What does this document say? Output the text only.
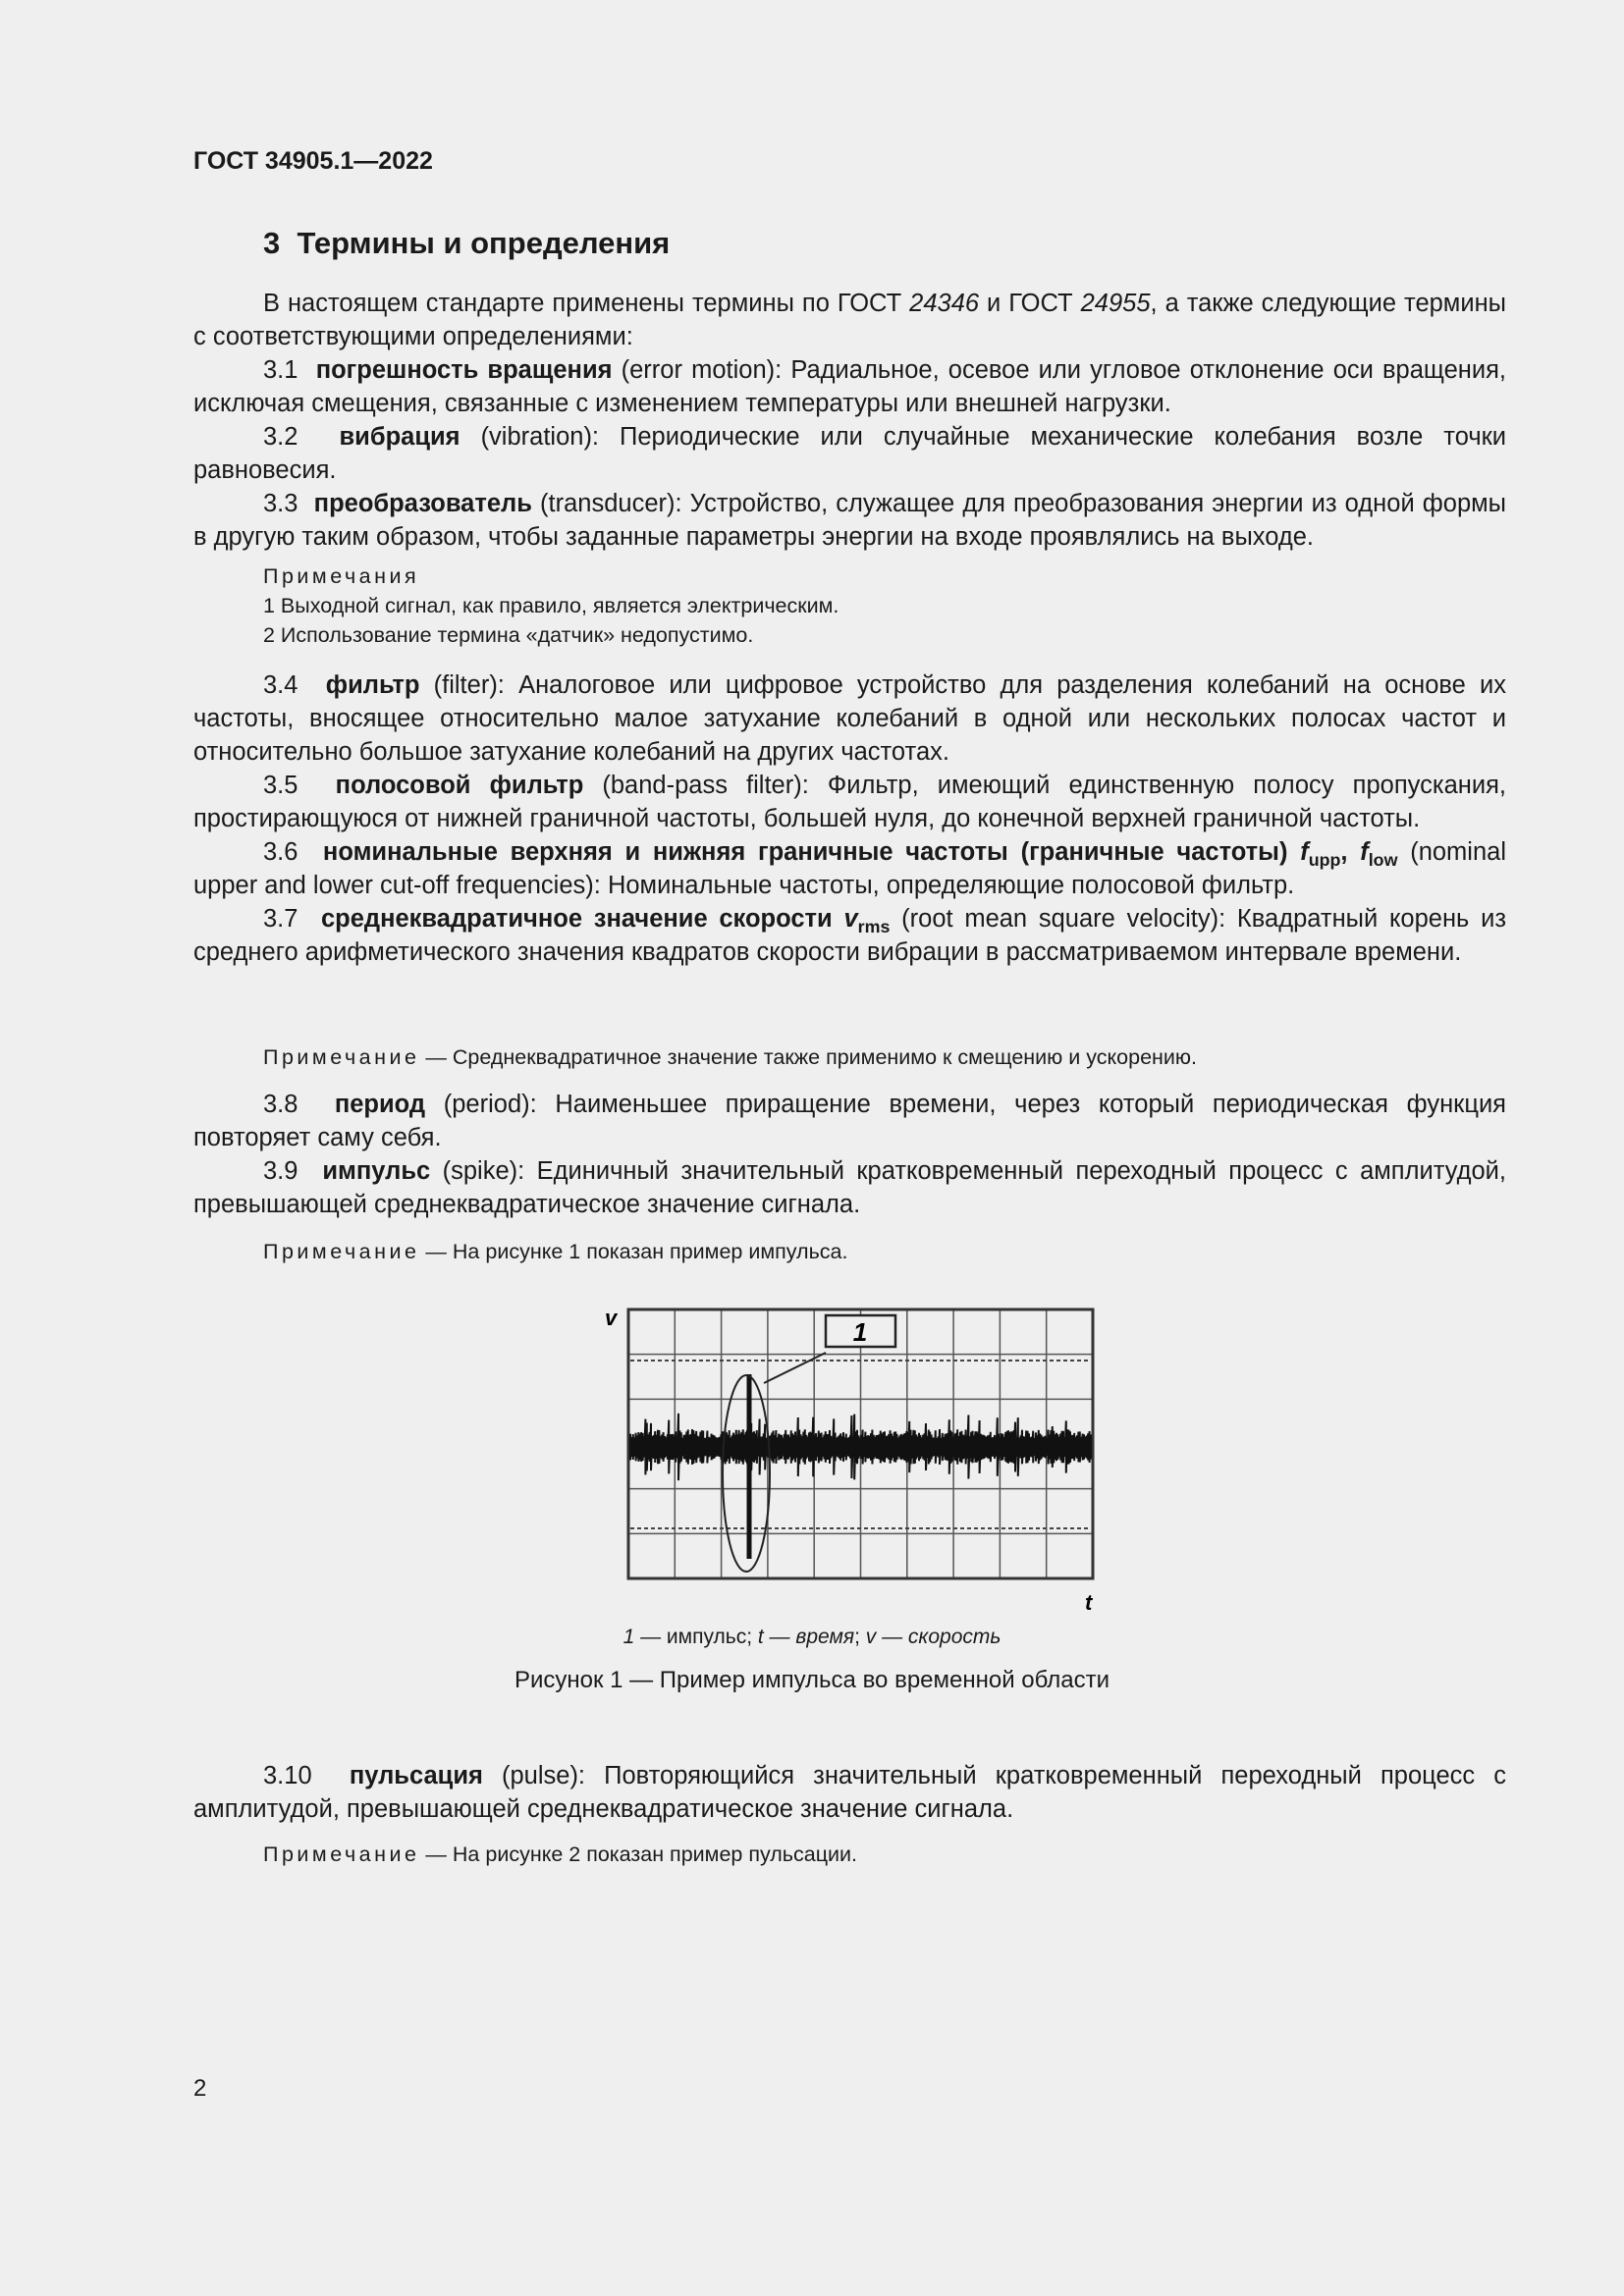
ГОСТ 34905.1—2022
3 Термины и определения

В настоящем стандарте применены термины по ГОСТ 24346 и ГОСТ 24955, а также следующие термины с соответствующими определениями:

3.1 погрешность вращения (error motion): Радиальное, осевое или угловое отклонение оси вращения, исключая смещения, связанные с изменением температуры или внешней нагрузки.

3.2 вибрация (vibration): Периодические или случайные механические колебания возле точки равновесия.

3.3 преобразователь (transducer): Устройство, служащее для преобразования энергии из одной формы в другую таким образом, чтобы заданные параметры энергии на входе проявлялись на выходе.

Примечания

1 Выходной сигнал, как правило, является электрическим.

2 Использование термина «датчик» недопустимо.

3.4 фильтр (filter): Аналоговое или цифровое устройство для разделения колебаний на основе их частоты, вносящее относительно малое затухание колебаний в одной или нескольких полосах частот и относительно большое затухание колебаний на других частотах.

3.5 полосовой фильтр (band-pass filter): Фильтр, имеющий единственную полосу пропускания, простирающуюся от нижней граничной частоты, большей нуля, до конечной верхней граничной частоты.

3.6 номинальные верхняя и нижняя граничные частоты (граничные частоты) $f_{upp}$, $f_{low}$ (nominal upper and lower cut-off frequencies): Номинальные частоты, определяющие полосовой фильтр.

3.7 среднеквадратичное значение скорости $v_{rms}$ (root mean square velocity): Квадратный корень из среднего арифметического значения квадратов скорости вибрации в рассматриваемом интервале времени.

Примечание — Среднеквадратичное значение также применимо к смещению и ускорению.

3.8 период (period): Наименьшее приращение времени, через который периодическая функция повторяет саму себя.

3.9 импульс (spike): Единичный значительный кратковременный переходный процесс с амплитудой, превышающей среднеквадратическое значение сигнала.

Примечание — На рисунке 1 показан пример импульса.

1
v
t
1 — импульс; t — время; v — скорость
Рисунок 1 — Пример импульса во временной области

3.10 пульсация (pulse): Повторяющийся значительный кратковременный переходный процесс с амплитудой, превышающей среднеквадратическое значение сигнала.

Примечание — На рисунке 2 показан пример пульсации.

2
